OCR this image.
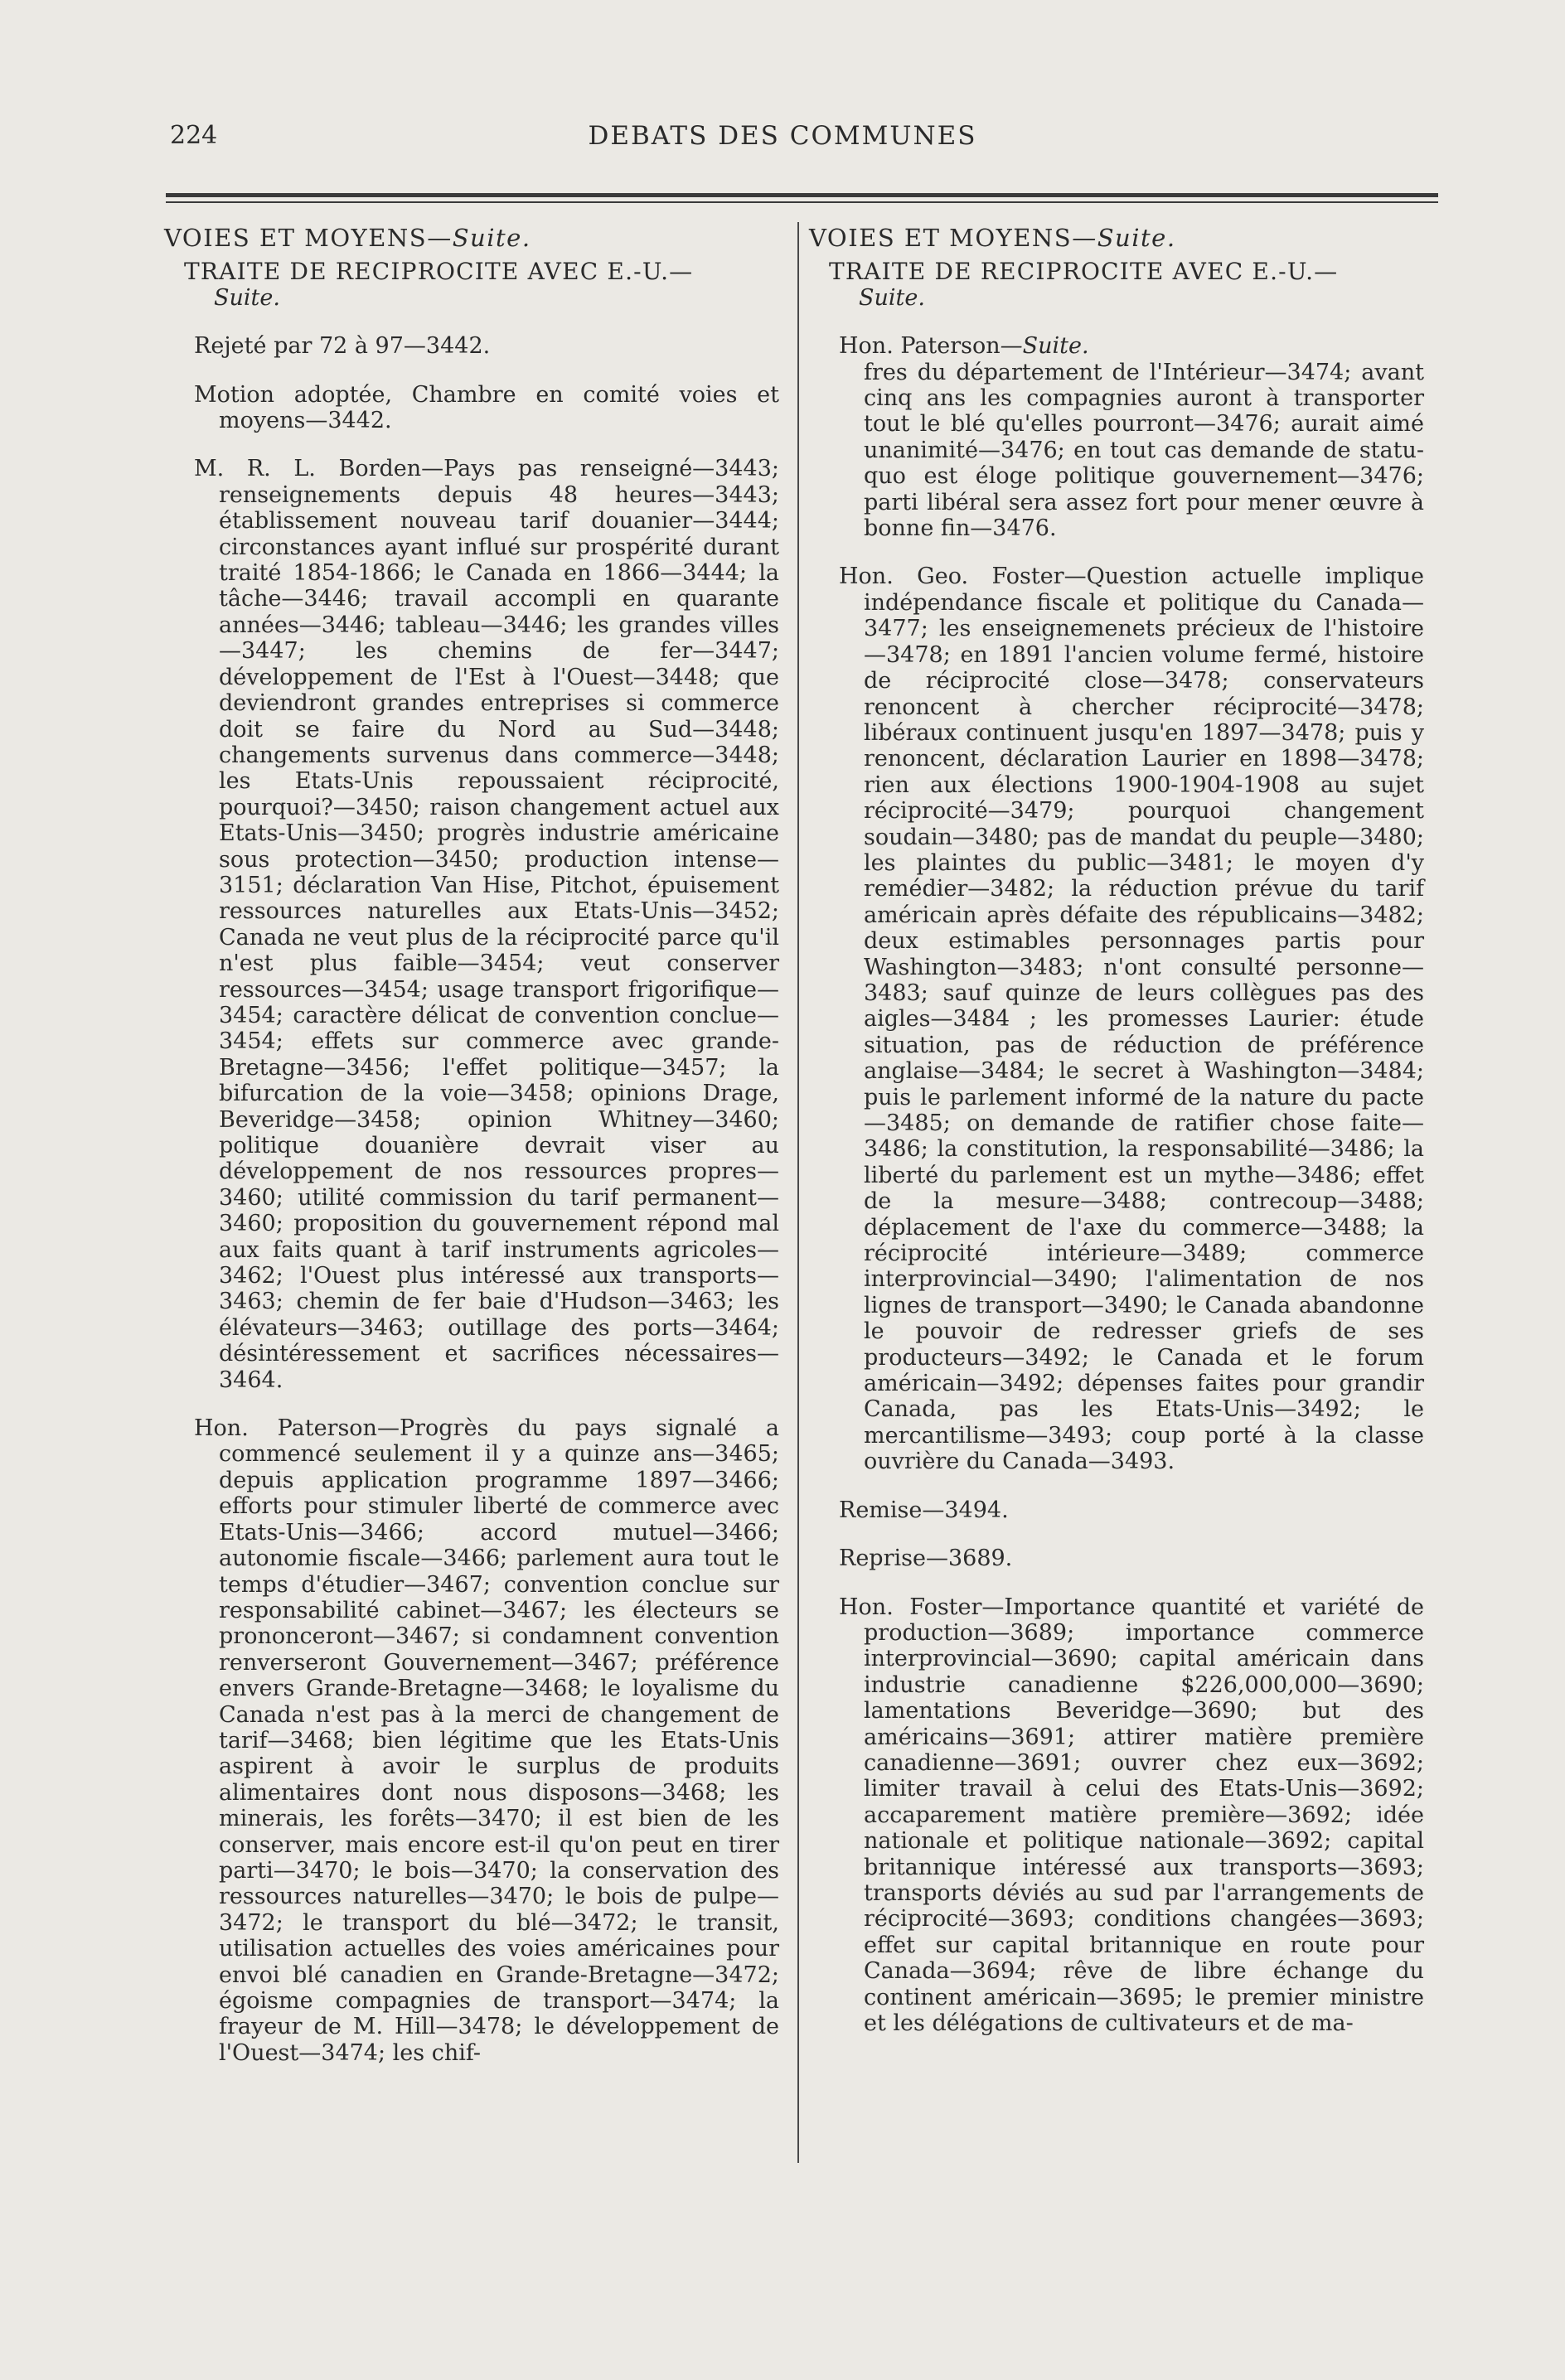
224	DEBATS DES COMMUNES
VOIES ET MOYENS—Suite.
TRAITE DE RECIPROCITE AVEC E.-U.—
Suite.

Rejeté par 72 à 97—3442.

Motion adoptée, Chambre en comité voies et moyens—3442.

M. R. L. Borden—Pays pas renseigné—3443; renseignements depuis 48 heures—3443; établissement nouveau tarif douanier—3444; circonstances ayant influé sur prospérité durant traité 1854-1866; le Canada en 1866—3444; la tâche—3446; travail accompli en quarante années—3446; tableau—3446; les grandes villes—3447; les chemins de fer—3447; développement de l'Est à l'Ouest—3448; que deviendront grandes entreprises si commerce doit se faire du Nord au Sud—3448; changements survenus dans commerce—3448; les Etats-Unis repoussaient réciprocité, pourquoi?—3450; raison changement actuel aux Etats-Unis—3450; progrès industrie américaine sous protection—3450; production intense—3151; déclaration Van Hise, Pitchot, épuisement ressources naturelles aux Etats-Unis—3452; Canada ne veut plus de la réciprocité parce qu'il n'est plus faible—3454; veut conserver ressources—3454; usage transport frigorifique—3454; caractère délicat de convention conclue—3454; effets sur commerce avec grande-Bretagne—3456; l'effet politique—3457; la bifurcation de la voie—3458; opinions Drage, Beveridge—3458; opinion Whitney—3460; politique douanière devrait viser au développement de nos ressources propres—3460; utilité commission du tarif permanent—3460; proposition du gouvernement répond mal aux faits quant à tarif instruments agricoles—3462; l'Ouest plus intéressé aux transports—3463; chemin de fer baie d'Hudson—3463; les élévateurs—3463; outillage des ports—3464; désintéressement et sacrifices nécessaires—3464.

Hon. Paterson—Progrès du pays signalé a commencé seulement il y a quinze ans—3465; depuis application programme 1897—3466; efforts pour stimuler liberté de commerce avec Etats-Unis—3466; accord mutuel—3466; autonomie fiscale—3466; parlement aura tout le temps d'étudier—3467; convention conclue sur responsabilité cabinet—3467; les électeurs se prononceront—3467; si condamnent convention renverseront Gouvernement—3467; préférence envers Grande-Bretagne—3468; le loyalisme du Canada n'est pas à la merci de changement de tarif—3468; bien légitime que les Etats-Unis aspirent à avoir le surplus de produits alimentaires dont nous disposons—3468; les minerais, les forêts—3470; il est bien de les conserver, mais encore est-il qu'on peut en tirer parti—3470; le bois—3470; la conservation des ressources naturelles—3470; le bois de pulpe—3472; le transport du blé—3472; le transit, utilisation actuelles des voies américaines pour envoi blé canadien en Grande-Bretagne—3472; égoisme compagnies de transport—3474; la frayeur de M. Hill—3478; le développement de l'Ouest—3474; les chif-

VOIES ET MOYENS—Suite.
TRAITE DE RECIPROCITE AVEC E.-U.—
Suite.

Hon. Paterson—Suite.
fres du département de l'Intérieur—3474; avant cinq ans les compagnies auront à transporter tout le blé qu'elles pourront—3476; aurait aimé unanimité—3476; en tout cas demande de statu-quo est éloge politique gouvernement—3476; parti libéral sera assez fort pour mener œuvre à bonne fin—3476.

Hon. Geo. Foster—Question actuelle implique indépendance fiscale et politique du Canada—3477; les enseignemenets précieux de l'histoire—3478; en 1891 l'ancien volume fermé, histoire de réciprocité close—3478; conservateurs renoncent à chercher réciprocité—3478; libéraux continuent jusqu'en 1897—3478; puis y renoncent, déclaration Laurier en 1898—3478; rien aux élections 1900-1904-1908 au sujet réciprocité—3479; pourquoi changement soudain—3480; pas de mandat du peuple—3480; les plaintes du public—3481; le moyen d'y remédier—3482; la réduction prévue du tarif américain après défaite des républicains—3482; deux estimables personnages partis pour Washington—3483; n'ont consulté personne—3483; sauf quinze de leurs collègues pas des aigles—3484 ; les promesses Laurier: étude situation, pas de réduction de préférence anglaise—3484; le secret à Washington—3484; puis le parlement informé de la nature du pacte—3485; on demande de ratifier chose faite—3486; la constitution, la responsabilité—3486; la liberté du parlement est un mythe—3486; effet de la mesure—3488; contrecoup—3488; déplacement de l'axe du commerce—3488; la réciprocité intérieure—3489; commerce interprovincial—3490; l'alimentation de nos lignes de transport—3490; le Canada abandonne le pouvoir de redresser griefs de ses producteurs—3492; le Canada et le forum américain—3492; dépenses faites pour grandir Canada, pas les Etats-Unis—3492; le mercantilisme—3493; coup porté à la classe ouvrière du Canada—3493.

Remise—3494.

Reprise—3689.

Hon. Foster—Importance quantité et variété de production—3689; importance commerce interprovincial—3690; capital américain dans industrie canadienne $226,000,000—3690; lamentations Beveridge—3690; but des américains—3691; attirer matière première canadienne—3691; ouvrer chez eux—3692; limiter travail à celui des Etats-Unis—3692; accaparement matière première—3692; idée nationale et politique nationale—3692; capital britannique intéressé aux transports—3693; transports déviés au sud par l'arrangements de réciprocité—3693; conditions changées—3693; effet sur capital britannique en route pour Canada—3694; rêve de libre échange du continent américain—3695; le premier ministre et les délégations de cultivateurs et de ma-
